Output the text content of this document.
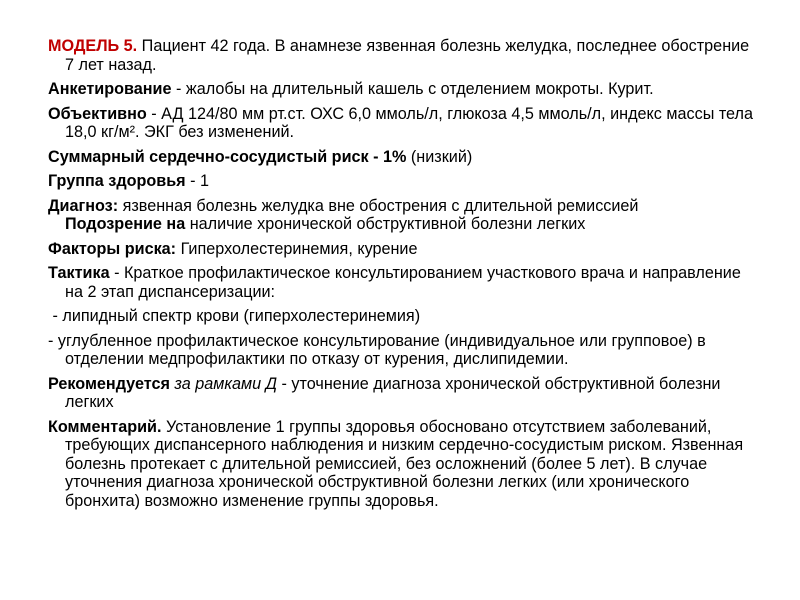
МОДЕЛЬ 5. Пациент 42 года. В анамнезе язвенная болезнь желудка, последнее обострение 7 лет назад.

Анкетирование - жалобы на длительный кашель с отделением мокроты. Курит.

Объективно - АД 124/80 мм рт.ст. ОХС 6,0 ммоль/л, глюкоза 4,5 ммоль/л, индекс массы тела 18,0 кг/м². ЭКГ без изменений.

Суммарный сердечно-сосудистый риск - 1% (низкий)

Группа здоровья - 1

Диагноз: язвенная болезнь желудка вне обострения с длительной ремиссией
Подозрение на наличие хронической обструктивной болезни легких

Факторы риска: Гиперхолестеринемия, курение

Тактика - Краткое профилактическое консультированием участкового врача и направление на 2 этап диспансеризации:

- липидный спектр крови (гиперхолестеринемия)

- углубленное профилактическое консультирование (индивидуальное или групповое) в отделении медпрофилактики по отказу от курения, дислипидемии.

Рекомендуется за рамками Д - уточнение диагноза хронической обструктивной болезни легких

Комментарий. Установление 1 группы здоровья обосновано отсутствием заболеваний, требующих диспансерного наблюдения и низким сердечно-сосудистым риском. Язвенная болезнь протекает с длительной ремиссией, без осложнений (более 5 лет). В случае уточнения диагноза хронической обструктивной болезни легких (или хронического бронхита) возможно изменение группы здоровья.
